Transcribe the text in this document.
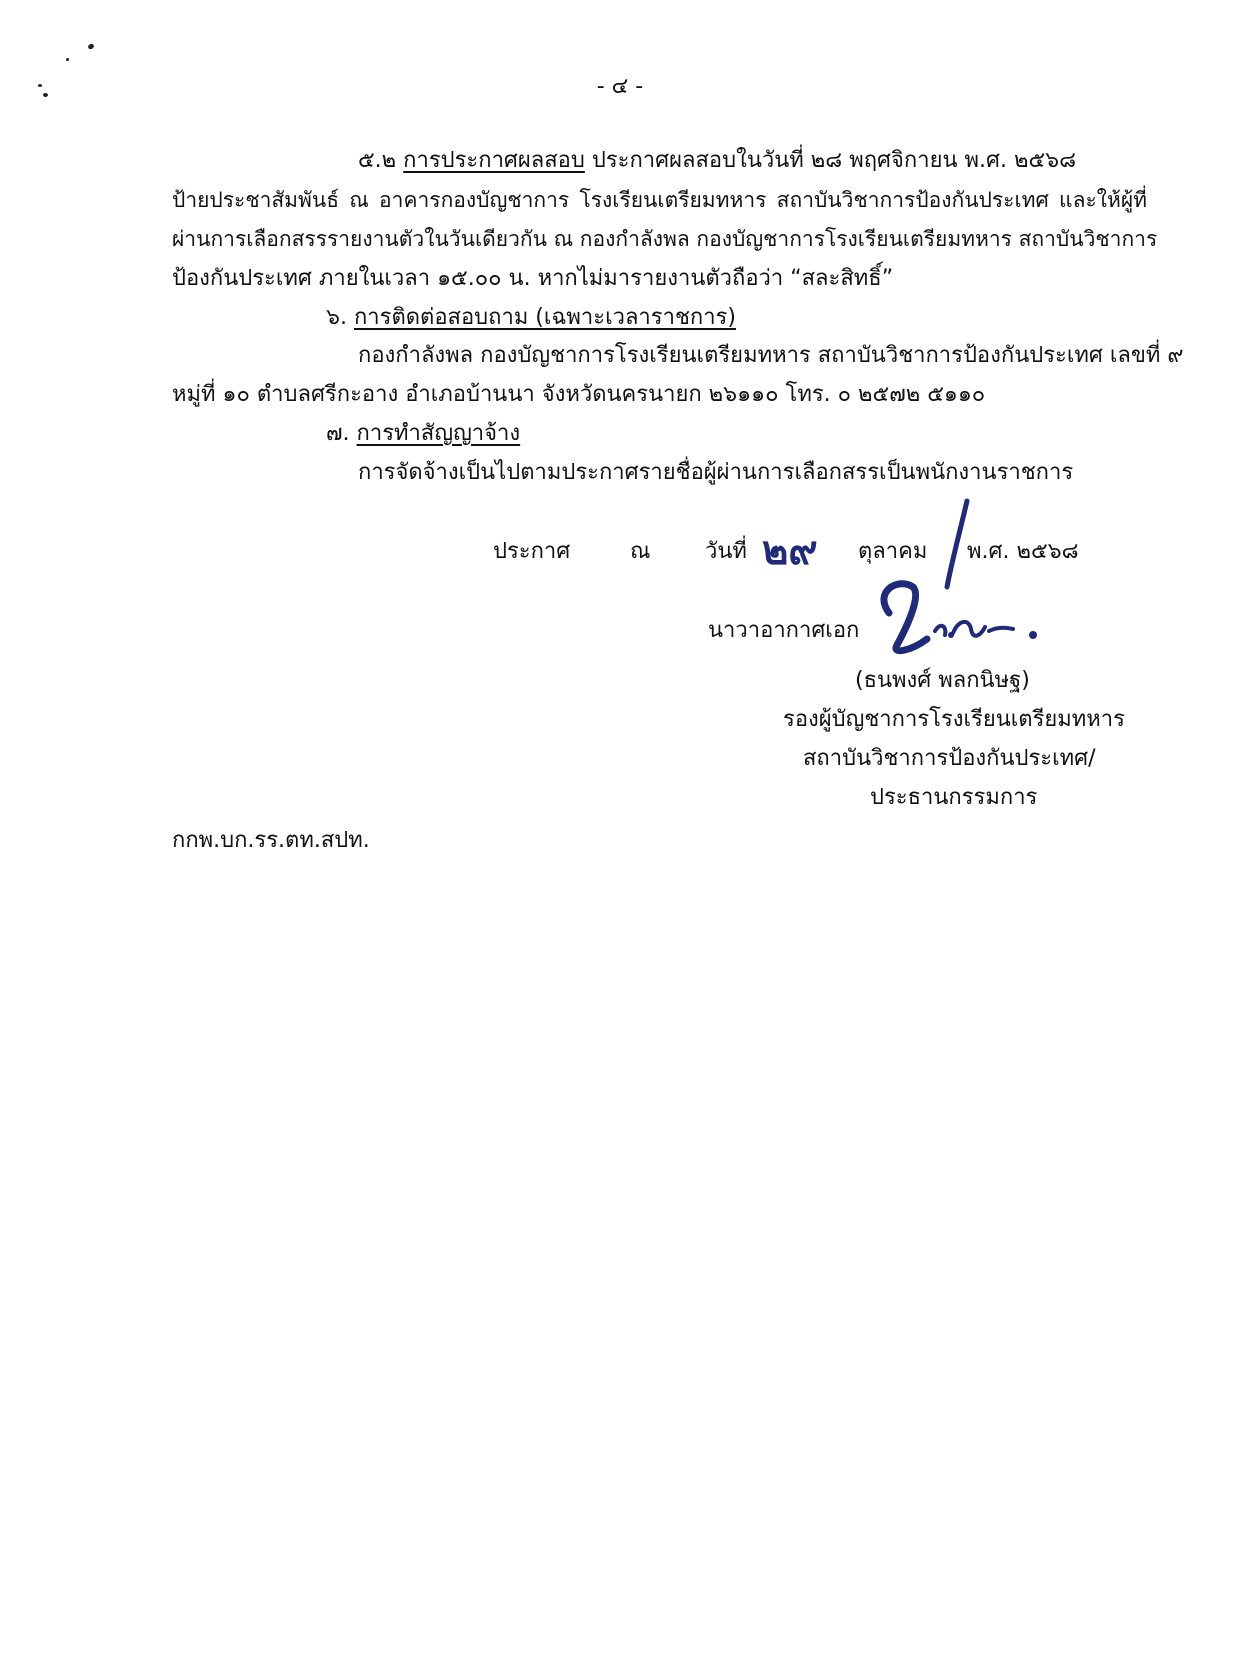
- ๔ -
๕.๒ การประกาศผลสอบ ประกาศผลสอบในวันที่ ๒๘ พฤศจิกายน พ.ศ. ๒๕๖๘
ป้ายประชาสัมพันธ์ ณ อาคารกองบัญชาการ โรงเรียนเตรียมทหาร สถาบันวิชาการป้องกันประเทศ และให้ผู้ที่
ผ่านการเลือกสรรรายงานตัวในวันเดียวกัน ณ กองกำลังพล กองบัญชาการโรงเรียนเตรียมทหาร สถาบันวิชาการ
ป้องกันประเทศ ภายในเวลา ๑๕.๐๐ น. หากไม่มารายงานตัวถือว่า “สละสิทธิ์”
๖. การติดต่อสอบถาม (เฉพาะเวลาราชการ)
กองกำลังพล กองบัญชาการโรงเรียนเตรียมทหาร สถาบันวิชาการป้องกันประเทศ เลขที่ ๙
หมู่ที่ ๑๐ ตำบลศรีกะอาง อำเภอบ้านนา จังหวัดนครนายก ๒๖๑๑๐ โทร. ๐ ๒๕๗๒ ๕๑๑๐
๗. การทำสัญญาจ้าง
การจัดจ้างเป็นไปตามประกาศรายชื่อผู้ผ่านการเลือกสรรเป็นพนักงานราชการ
ประกาศ	ณ วันที่ ๒๙ ตุลาคม พ.ศ. ๒๕๖๘
นาวาอากาศเอก
(ธนพงศ์ พลกนิษฐ)
รองผู้บัญชาการโรงเรียนเตรียมทหาร
สถาบันวิชาการป้องกันประเทศ/
ประธานกรรมการ
กกพ.บก.รร.ตท.สปท.
